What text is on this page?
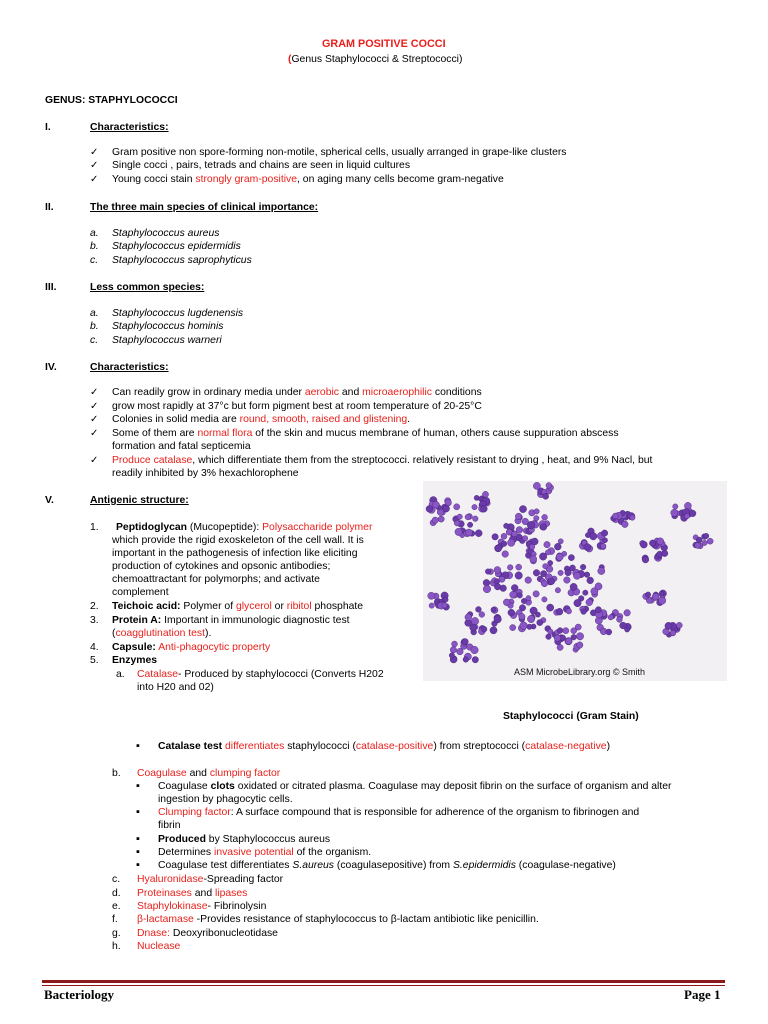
GRAM POSITIVE COCCI
(Genus Staphylococci & Streptococci)
GENUS: STAPHYLOCOCCI
I.	Characteristics:
✓ Gram positive non spore-forming non-motile, spherical cells, usually arranged in grape-like clusters
✓ Single cocci , pairs, tetrads and chains are seen in liquid cultures
✓ Young cocci stain strongly gram-positive, on aging many cells become gram-negative
II.	The three main species of clinical importance:
a. Staphylococcus aureus
b. Staphylococcus epidermidis
c. Staphylococcus saprophyticus
III.	Less common species:
a. Staphylococcus lugdenensis
b. Staphylococcus hominis
c. Staphylococcus warneri
IV.	Characteristics:
✓ Can readily grow in ordinary media under aerobic and microaerophilic conditions
✓ grow most rapidly at 37°c but form pigment best at room temperature of 20-25°C
✓ Colonies in solid media are round, smooth, raised and glistening.
✓ Some of them are normal flora of the skin and mucus membrane of human, others cause suppuration abscess
formation and fatal septicemia
✓ Produce catalase, which differentiate them from the streptococci. relatively resistant to drying , heat, and 9% Nacl, but
readily inhibited by 3% hexachlorophene
V.	Antigenic structure:
1. Peptidoglycan (Mucopeptide): Polysaccharide polymer
which provide the rigid exoskeleton of the cell wall. It is
important in the pathogenesis of infection like eliciting
production of cytokines and opsonic antibodies;
chemoattractant for polymorphs; and activate
complement
2. Teichoic acid: Polymer of glycerol or ribitol phosphate
3. Protein A: Important in immunologic diagnostic test
(coagglutination test).
4. Capsule: Anti-phagocytic property
5. Enzymes
a. Catalase- Produced by staphylococci (Converts H202
into H20 and 02)
ASM MicrobeLibrary.org © Smith
Staphylococci (Gram Stain)
▪ Catalase test differentiates staphylococci (catalase-positive) from streptococci (catalase-negative)
b. Coagulase and clumping factor
▪ Coagulase clots oxidated or citrated plasma. Coagulase may deposit fibrin on the surface of organism and alter
ingestion by phagocytic cells.
▪ Clumping factor: A surface compound that is responsible for adherence of the organism to fibrinogen and
fibrin
▪ Produced by Staphylococcus aureus
▪ Determines invasive potential of the organism.
▪ Coagulase test differentiates S.aureus (coagulasepositive) from S.epidermidis (coagulase-negative)
c. Hyaluronidase-Spreading factor
d. Proteinases and lipases
e. Staphylokinase- Fibrinolysin
f. β-lactamase -Provides resistance of staphylococcus to β-lactam antibiotic like penicillin.
g. Dnase: Deoxyribonucleotidase
h. Nuclease
Bacteriology	Page 1
